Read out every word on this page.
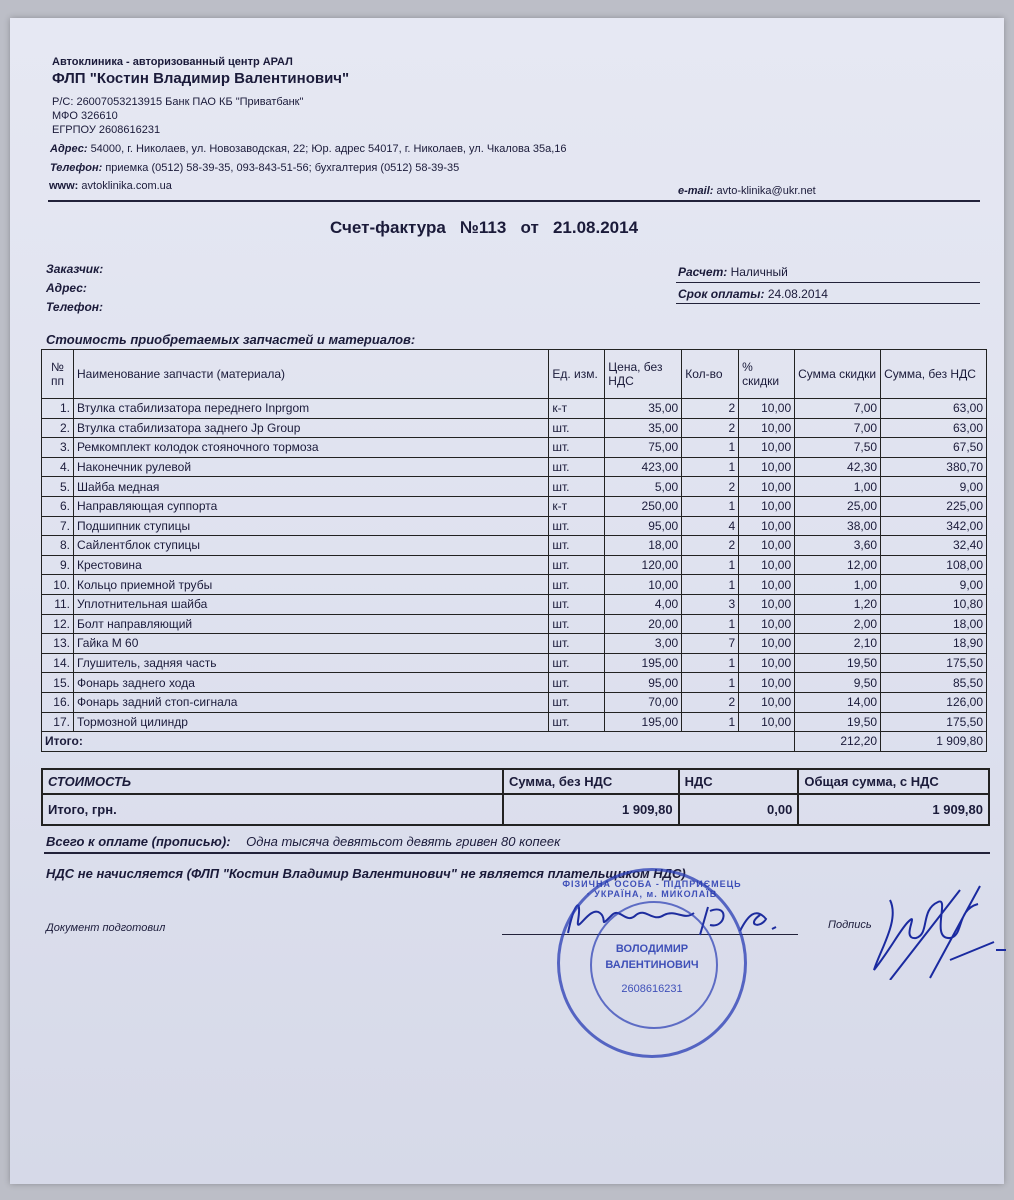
Автоклиника - авторизованный центр АРАЛ
ФЛП "Костин Владимир Валентинович"
Р/С: 26007053213915 Банк ПАО КБ "Приватбанк"
МФО 326610
ЕГРПОУ 2608616231
Адрес: 54000, г. Николаев, ул. Новозаводская, 22; Юр. адрес 54017, г. Николаев, ул. Чкалова 35а,16
Телефон: приемка (0512) 58-39-35, 093-843-51-56; бухгалтерия (0512) 58-39-35
www: avtoklinika.com.ua	e-mail: avto-klinika@ukr.net
Счет-фактура   №113   от   21.08.2014
Заказчик:
Адрес:
Телефон:
Расчет: Наличный
Срок оплаты: 24.08.2014
Стоимость приобретаемых запчастей и материалов:
№ пп	Наименование запчасти (материала)	Ед. изм.	Цена, без НДС	Кол-во	% скидки	Сумма скидки	Сумма, без НДС
1.	Втулка стабилизатора переднего Inprgom	к-т	35,00	2	10,00	7,00	63,00
2.	Втулка стабилизатора заднего Jp Group	шт.	35,00	2	10,00	7,00	63,00
3.	Ремкомплект колодок стояночного тормоза	шт.	75,00	1	10,00	7,50	67,50
4.	Наконечник рулевой	шт.	423,00	1	10,00	42,30	380,70
5.	Шайба медная	шт.	5,00	2	10,00	1,00	9,00
6.	Направляющая суппорта	к-т	250,00	1	10,00	25,00	225,00
7.	Подшипник ступицы	шт.	95,00	4	10,00	38,00	342,00
8.	Сайлентблок ступицы	шт.	18,00	2	10,00	3,60	32,40
9.	Крестовина	шт.	120,00	1	10,00	12,00	108,00
10.	Кольцо приемной трубы	шт.	10,00	1	10,00	1,00	9,00
11.	Уплотнительная шайба	шт.	4,00	3	10,00	1,20	10,80
12.	Болт направляющий	шт.	20,00	1	10,00	2,00	18,00
13.	Гайка М 60	шт.	3,00	7	10,00	2,10	18,90
14.	Глушитель, задняя часть	шт.	195,00	1	10,00	19,50	175,50
15.	Фонарь заднего хода	шт.	95,00	1	10,00	9,50	85,50
16.	Фонарь задний стоп-сигнала	шт.	70,00	2	10,00	14,00	126,00
17.	Тормозной цилиндр	шт.	195,00	1	10,00	19,50	175,50
Итого:						212,20	1 909,80
СТОИМОСТЬ	Сумма, без НДС	НДС	Общая сумма, с НДС
Итого, грн.	1 909,80	0,00	1 909,80
Всего к оплате (прописью): Одна тысяча девятьсот девять гривен 80 копеек
НДС не начисляется (ФЛП "Костин Владимир Валентинович" не является плательщиком НДС)
Документ подготовил	Подпись
ФІЗИЧНА ОСОБА - ПІДПРИЄМЕЦЬ · УКРАЇНА, м. МИКОЛАЇВ
ВОЛОДИМИР
ВАЛЕНТИНОВИЧ
2608616231
